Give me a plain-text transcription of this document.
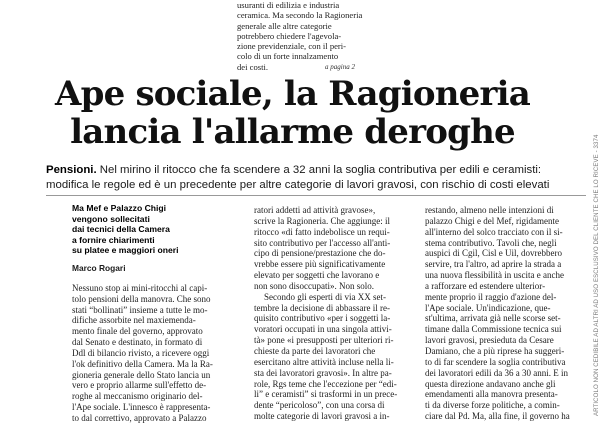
usuranti di edilizia e industria
ceramica. Ma secondo la Ragioneria
generale alle altre categorie
potrebbero chiedere l'agevola-
zione previdenziale, con il peri-
colo di un forte innalzamento
dei costi.	a pagina 2
ARTICOLO NON CEDIBILE AD ALTRI AD USO ESCLUSIVO DEL CLIENTE CHE LO RICEVE - 3374
Ape sociale, la Ragioneria
lancia l'allarme deroghe
Pensioni. Nel mirino il ritocco che fa scendere a 32 anni la soglia contributiva per edili e ceramisti:
modifica le regole ed è un precedente per altre categorie di lavori gravosi, con rischio di costi elevati
Ma Mef e Palazzo Chigi
vengono sollecitati
dai tecnici della Camera
a fornire chiarimenti
su platee e maggiori oneri
Marco Rogari
Nessuno stop ai mini-ritocchi al capi-
tolo pensioni della manovra. Che sono
stati “bollinati” insieme a tutte le mo-
difiche assorbite nel maxiemenda-
mento finale del governo, approvato
dal Senato e destinato, in formato di
Ddl di bilancio rivisto, a ricevere oggi
l'ok definitivo della Camera. Ma la Ra-
gioneria generale dello Stato lancia un
vero e proprio allarme sull'effetto de-
roghe al meccanismo originario del-
l'Ape sociale. L'innesco è rappresenta-
to dal correttivo, approvato a Palazzo
ratori addetti ad attività gravose»,
scrive la Ragioneria. Che aggiunge: il
ritocco «di fatto indebolisce un requi-
sito contributivo per l'accesso all'anti-
cipo di pensione/prestazione che do-
vrebbe essere più significativamente
elevato per soggetti che lavorano e
non sono disoccupati». Non solo.
Secondo gli esperti di via XX set-
tembre la decisione di abbassare il re-
quisito contributivo «per i soggetti la-
voratori occupati in una singola attivi-
tà» pone «i presupposti per ulteriori ri-
chieste da parte dei lavoratori che
esercitano altre attività incluse nella li-
sta dei lavoratori gravosi». In altre pa-
role, Rgs teme che l'eccezione per “edi-
li” e ceramisti” si trasformi in un prece-
dente “pericoloso”, con una corsa di
molte categorie di lavori gravosi a in-
restando, almeno nelle intenzioni di
palazzo Chigi e del Mef, rigidamente
all'interno del solco tracciato con il si-
stema contributivo. Tavoli che, negli
auspici di Cgil, Cisl e Uil, dovrebbero
servire, tra l'altro, ad aprire la strada a
una nuova flessibilità in uscita e anche
a rafforzare ed estendere ulterior-
mente proprio il raggio d'azione del-
l'Ape sociale. Un'indicazione, que-
st'ultima, arrivata già nelle scorse set-
timane dalla Commissione tecnica sui
lavori gravosi, presieduta da Cesare
Damiano, che a più riprese ha suggeri-
to di far scendere la soglia contributiva
dei lavoratori edili da 36 a 30 anni. E in
questa direzione andavano anche gli
emendamenti alla manovra presenta-
ti da diverse forze politiche, a comin-
ciare dal Pd. Ma, alla fine, il governo ha
